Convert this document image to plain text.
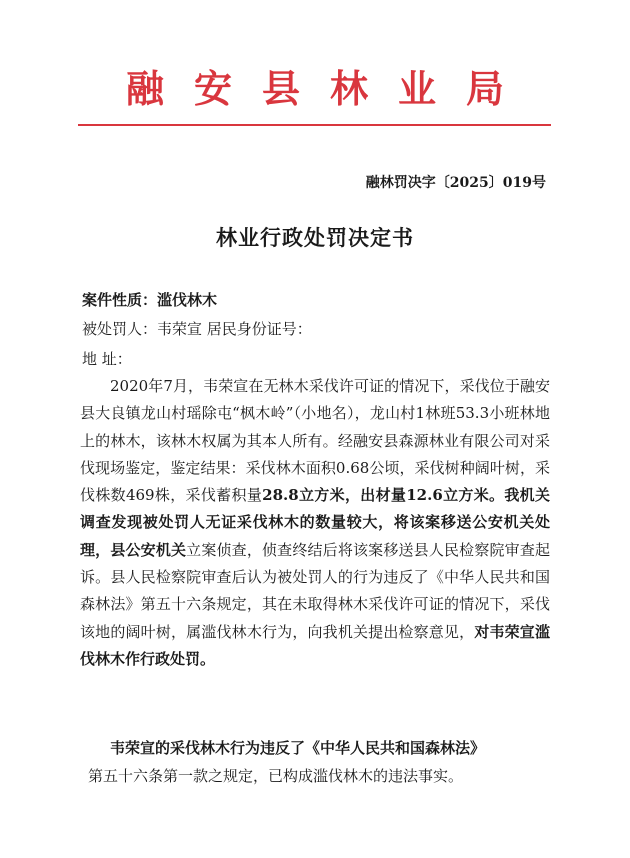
融安县林业局
融林罚决字〔2025〕019号
林业行政处罚决定书
案件性质：滥伐林木
被处罚人：韦荣宣 居民身份证号：
地 址：
2020年7月，韦荣宣在无林木采伐许可证的情况下，采伐位于融安县大良镇龙山村瑶除屯“枫木岭”（小地名），龙山村1林班53.3小班林地上的林木，该林木权属为其本人所有。经融安县森源林业有限公司对采伐现场鉴定，鉴定结果：采伐林木面积0.68公顷，采伐树种阔叶树，采伐株数469株，采伐蓄积量28.8立方米，出材量12.6立方米。我机关调查发现被处罚人无证采伐林木的数量较大，将该案移送公安机关处理，县公安机关立案侦查，侦查终结后将该案移送县人民检察院审查起诉。县人民检察院审查后认为被处罚人的行为违反了《中华人民共和国森林法》第五十六条规定，其在未取得林木采伐许可证的情况下，采伐该地的阔叶树，属滥伐林木行为，向我机关提出检察意见，对韦荣宣滥伐林木作行政处罚。
韦荣宣的采伐林木行为违反了《中华人民共和国森林法》
第五十六条第一款之规定，已构成滥伐林木的违法事实。
